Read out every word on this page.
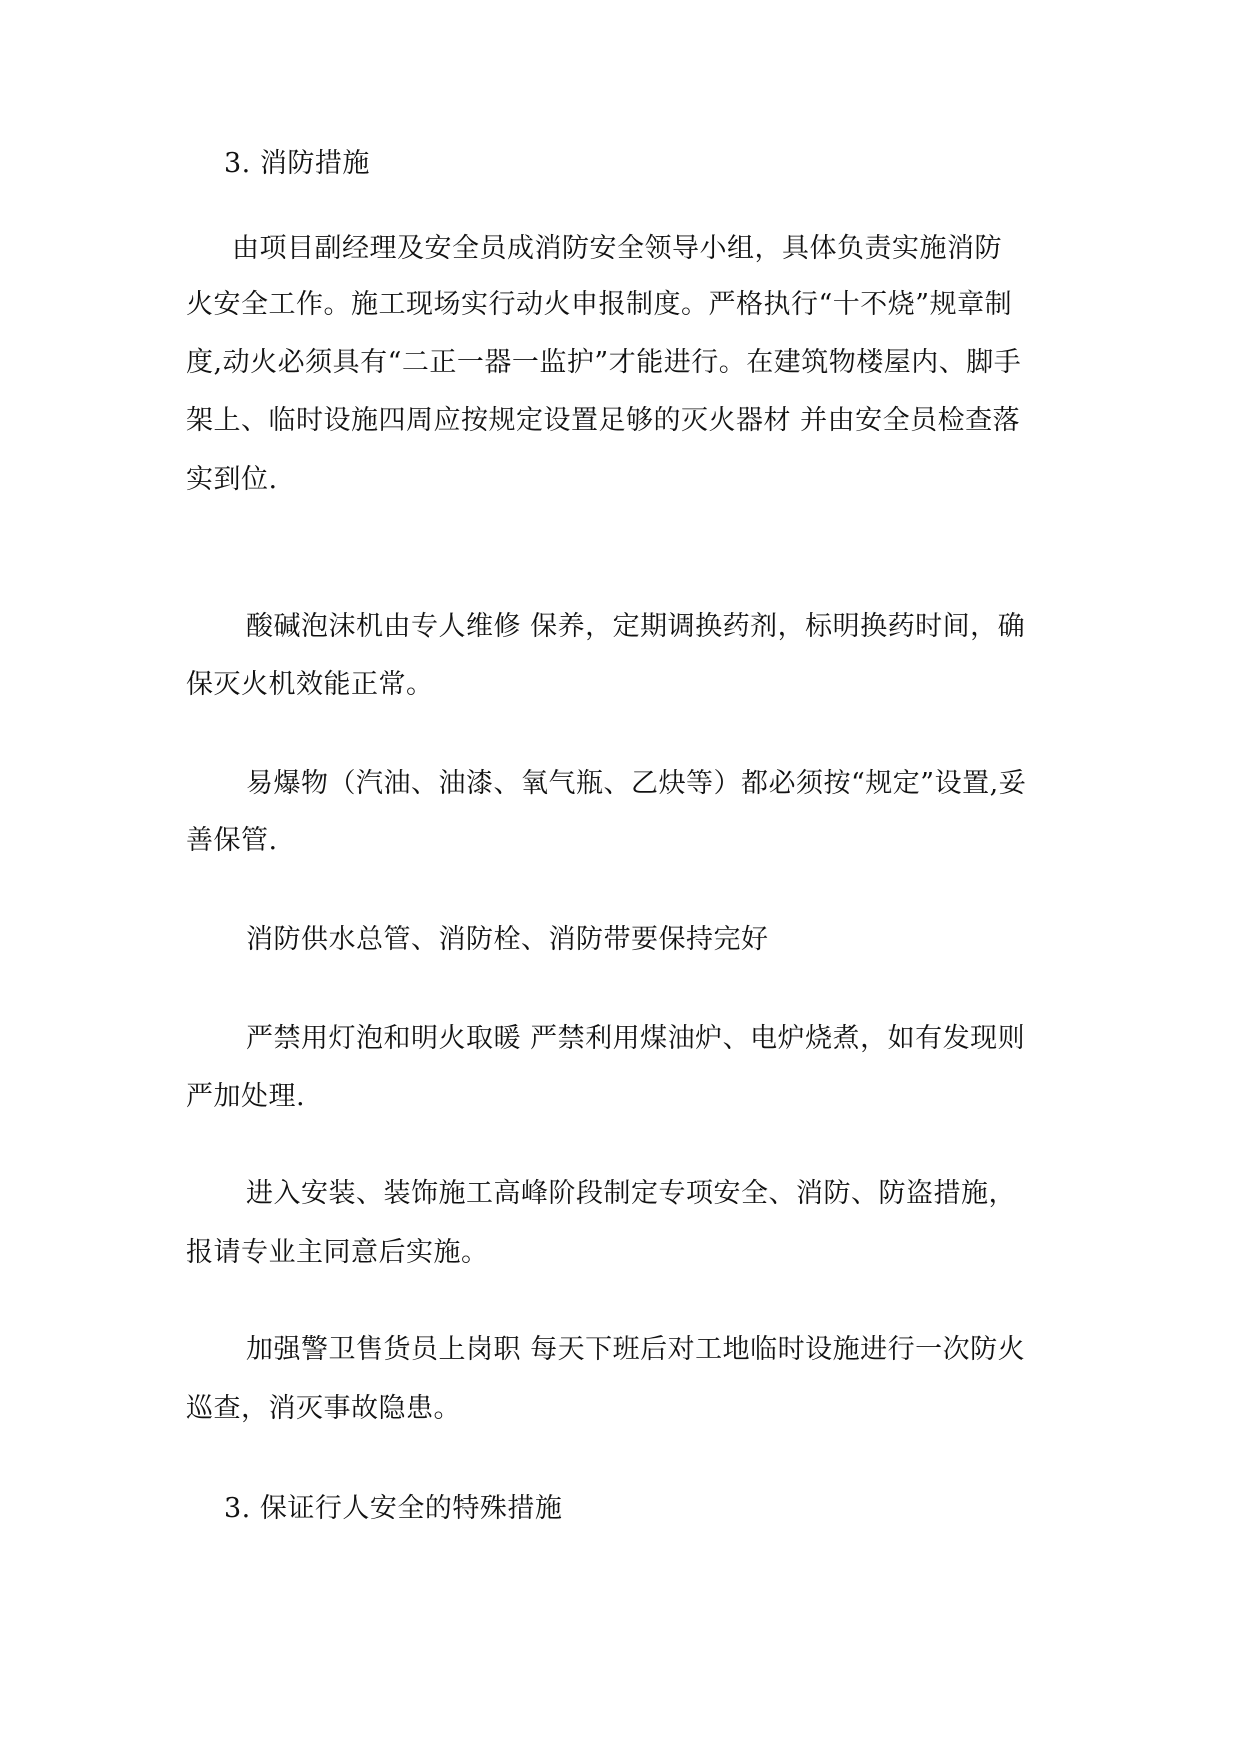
3. 消防措施
由项目副经理及安全员成消防安全领导小组，具体负责实施消防
火安全工作。施工现场实行动火申报制度。严格执行“十不烧”规章制
度,动火必须具有“二正一器一监护”才能进行。在建筑物楼屋内、脚手
架上、临时设施四周应按规定设置足够的灭火器材 并由安全员检查落
实到位.
酸碱泡沫机由专人维修 保养，定期调换药剂，标明换药时间，确
保灭火机效能正常。
易爆物（汽油、油漆、氧气瓶、乙炔等）都必须按“规定”设置,妥
善保管.
消防供水总管、消防栓、消防带要保持完好
严禁用灯泡和明火取暖 严禁利用煤油炉、电炉烧煮，如有发现则
严加处理.
进入安装、装饰施工高峰阶段制定专项安全、消防、防盗措施，
报请专业主同意后实施。
加强警卫售货员上岗职 每天下班后对工地临时设施进行一次防火
巡查，消灭事故隐患。
3. 保证行人安全的特殊措施
